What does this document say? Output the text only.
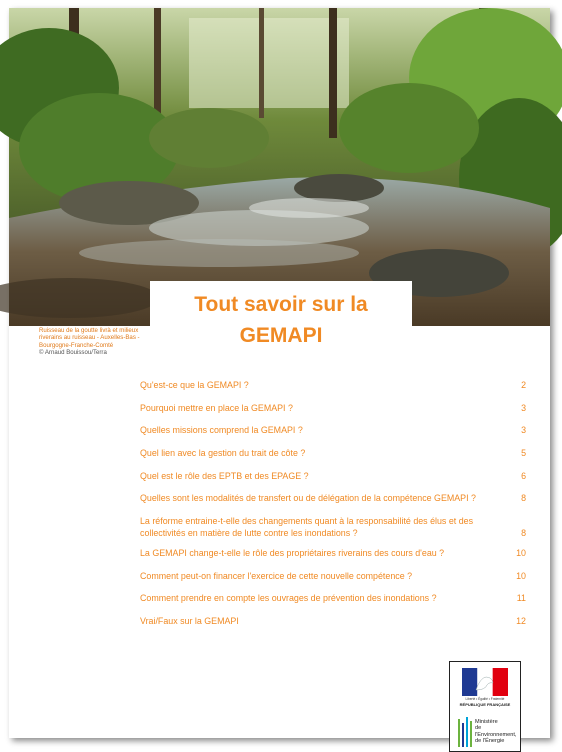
Ruisseau de la goutte livrà et milieux
riverains au ruisseau - Auxelles-Bas -
Bourgogne-Franche-Comté
© Arnaud Bouissou/Terra
Tout savoir sur la
GEMAPI
Qu'est-ce que la GEMAPI ?	2
Pourquoi mettre en place la GEMAPI ?	3
Quelles missions comprend la GEMAPI ?	3
Quel lien avec la gestion du trait de côte ?	5
Quel est le rôle des EPTB et des EPAGE ?	6
Quelles sont les modalités de transfert ou de délégation de la compétence GEMAPI ?	8
La réforme entraine-t-elle des changements quant à la responsabilité des élus et des
collectivités en matière de lutte contre les inondations ?	8
La GEMAPI change-t-elle le rôle des propriétaires riverains des cours d'eau ?	10
Comment peut-on financer l'exercice de cette nouvelle compétence ?	10
Comment prendre en compte les ouvrages de prévention des inondations ?	11
Vrai/Faux sur la GEMAPI	12
Liberté • Égalité • Fraternité
RÉPUBLIQUE FRANÇAISE
Ministère
de l'Environnement,
de l'Énergie
